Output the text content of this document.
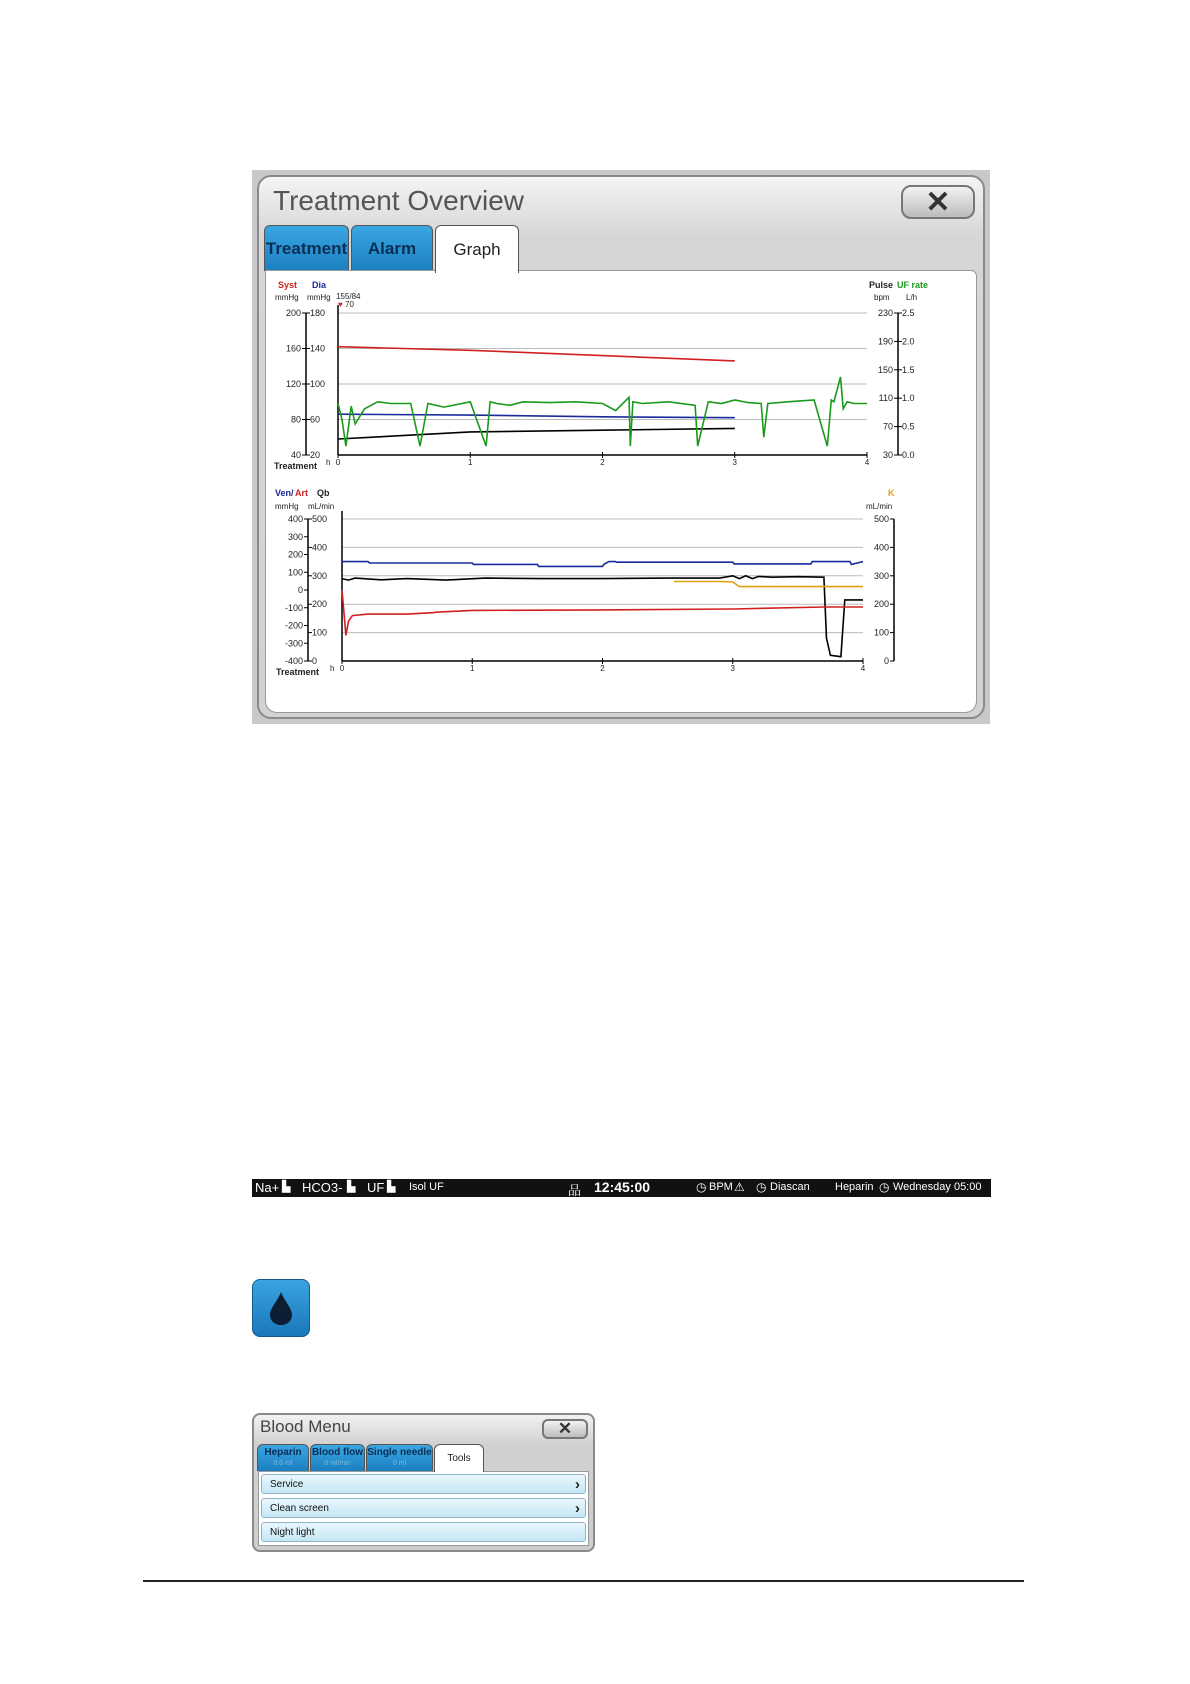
Treatment Overview	✕
Treatment	Alarm	Graph
Syst Dia
mmHg mmHg 155/84
♥ 70
Pulse UF rate
bpm L/h
0	1	2	3	4
h
Treatment
40
80
120
160
200
20
60
100
140
180
30
70
110
150
190
230
0.0
0.5
1.0
1.5
2.0
2.5
Ven/ Art Qb
mmHg mL/min
K
mL/min
0	1	2	3	4
h
Treatment
-400
-300
-200
-100
0
100
200
300
400
0
100
200
300
400
500
0
100
200
300
400
500
Na+ ▙ HCO3- ▙ UF ▙ Isol UF	品 12:45:00	◷ BPM ⚠ ◷ Diascan Heparin ◷ Wednesday 05:00
Blood Menu	✕
Heparin
0.0 ml
Blood flow
0 ml/min
Single needle
0 ml	Tools
Service	›
Clean screen	›
Night light
